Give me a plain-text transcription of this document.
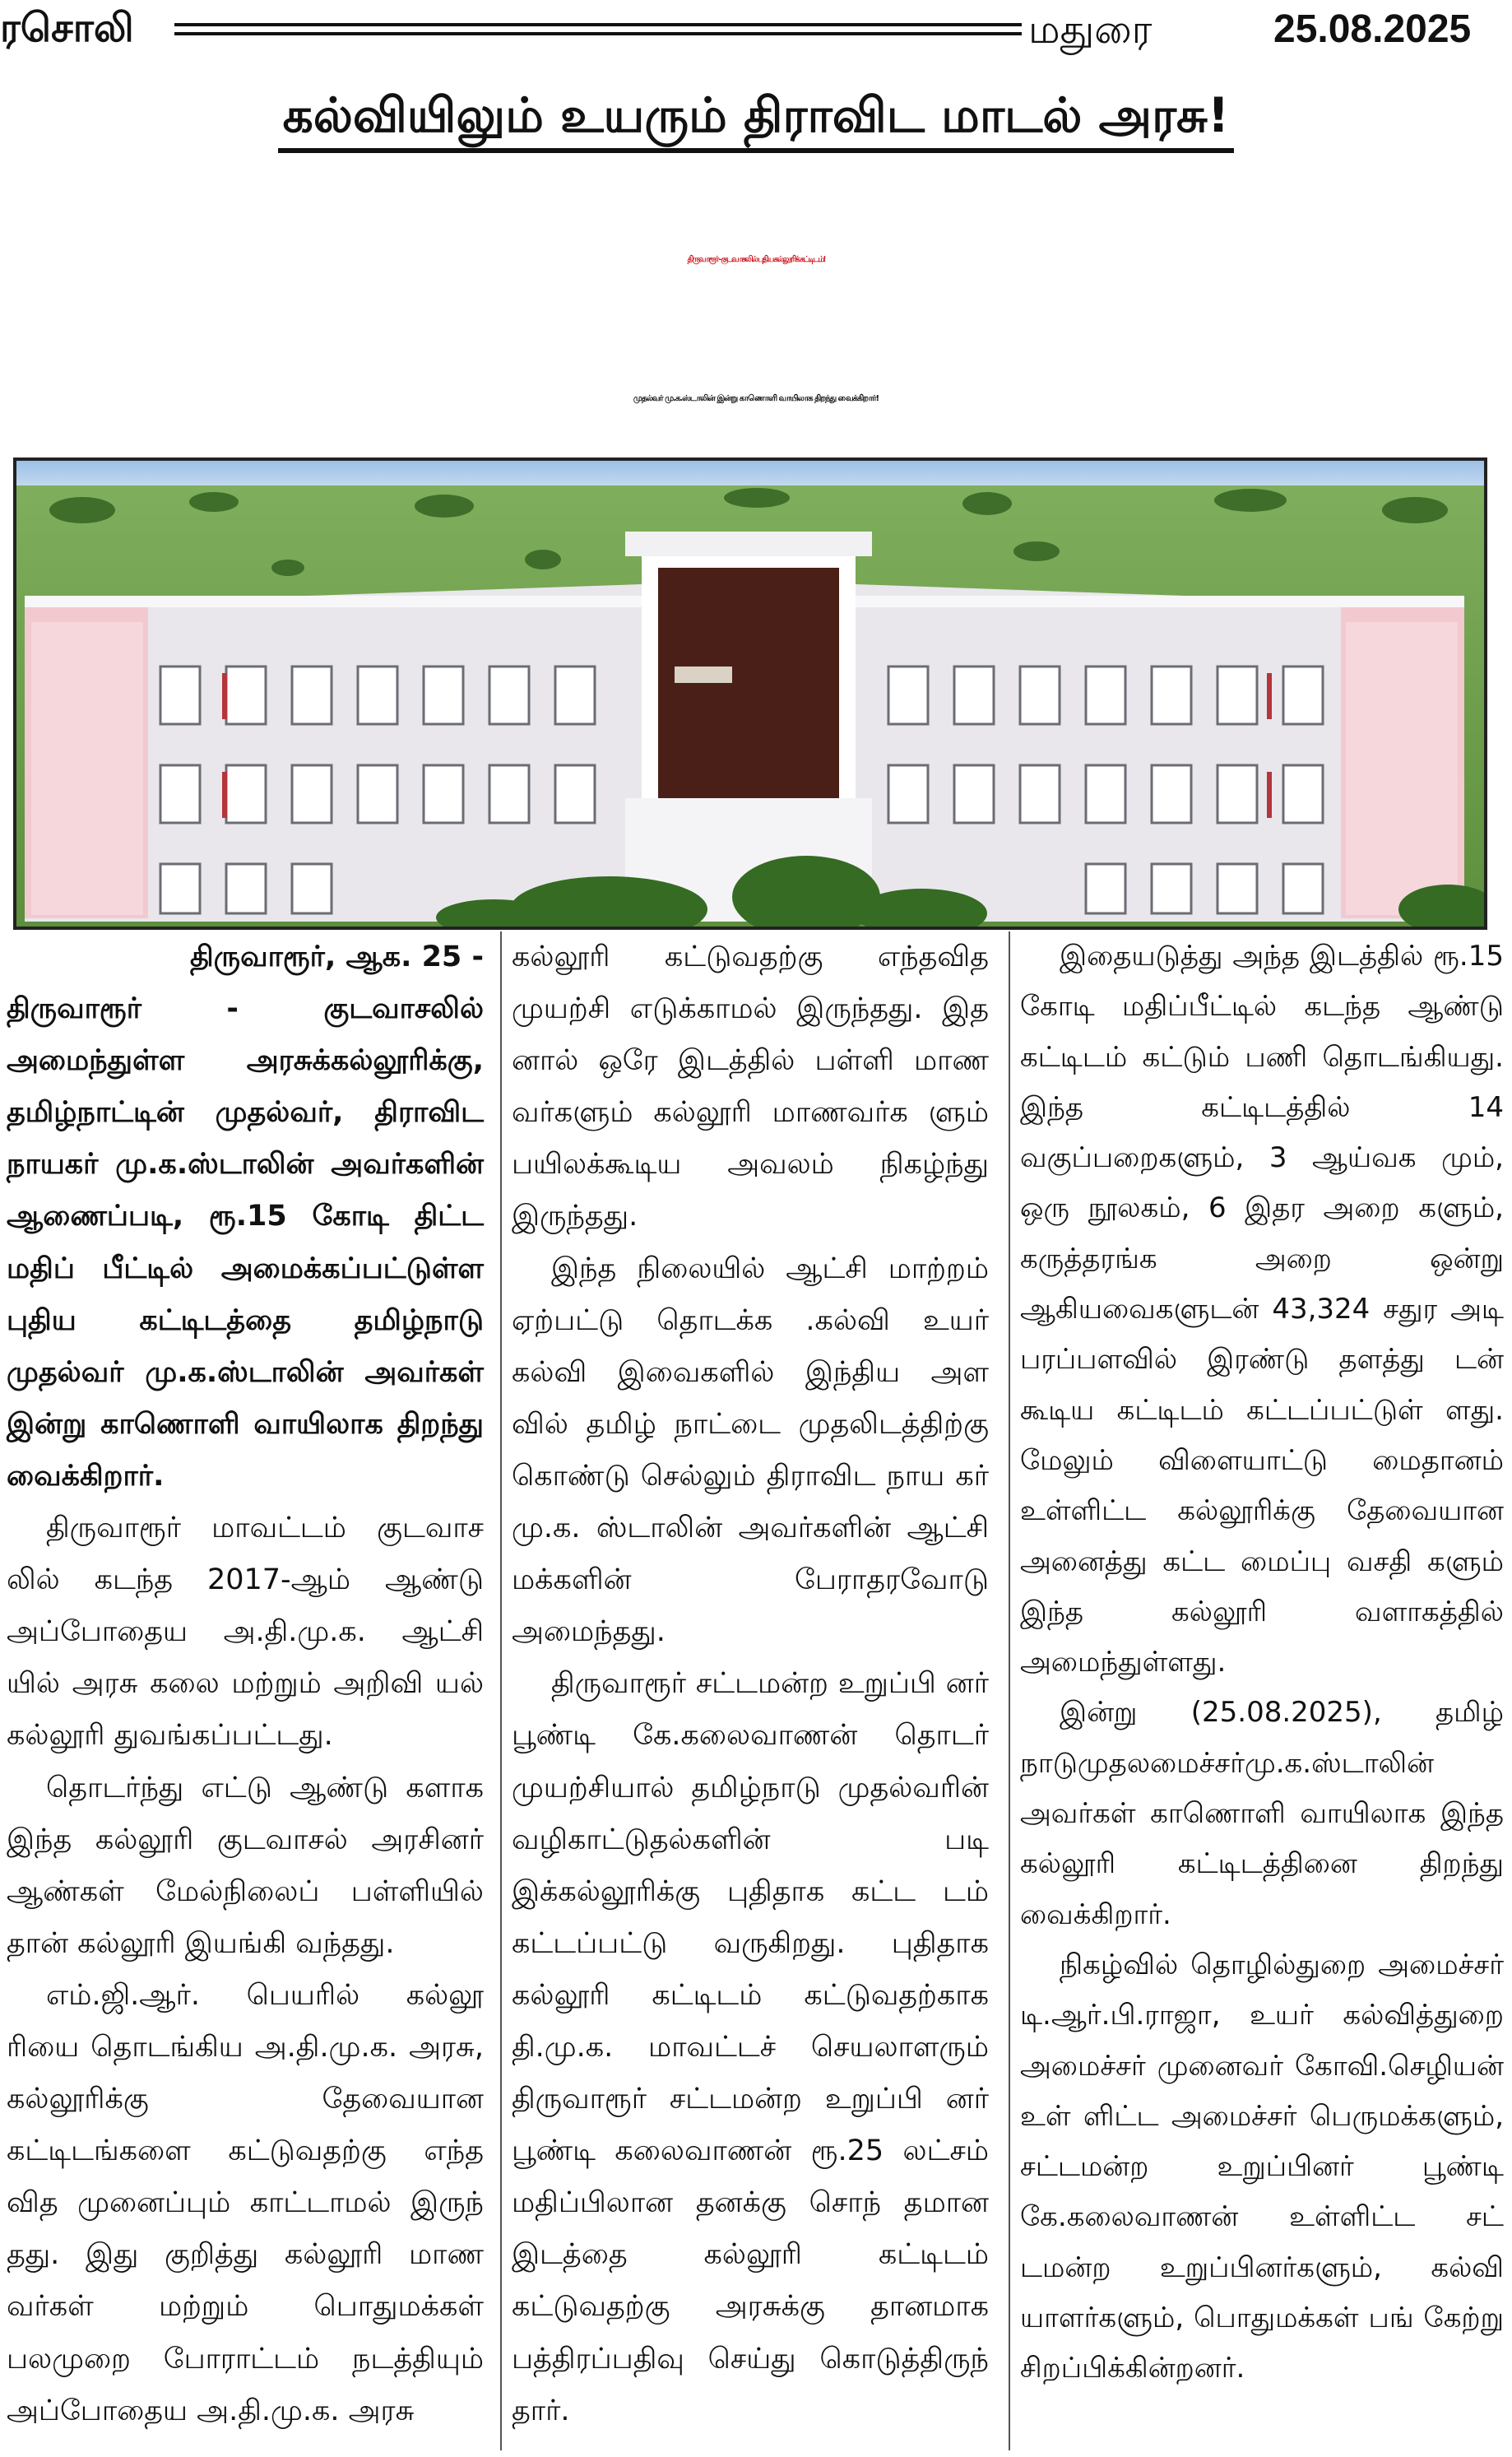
ரசொலி	மதுரை	25.08.2025
கல்வியிலும் உயரும் திராவிட மாடல் அரசு!
திருவாரூர் - குடவாசலில் புதிய கல்லூரிக் கட்டிடம்!
முதல்வர் மு.க.ஸ்டாலின் இன்று காணொளி வாயிலாக திறந்து வைக்கிறார்!

திருவாரூர், ஆக. 25 -

திருவாரூர் - குடவாசலில் அமைந்துள்ள அரசுக்கல்லூரிக்கு, தமிழ்நாட்டின் முதல்வர், திராவிட நாயகர் மு.க.ஸ்டாலின் அவர்களின் ஆணைப்படி, ரூ.15 கோடி திட்ட மதிப் பீட்டில் அமைக்கப்பட்டுள்ள புதிய கட்டிடத்தை தமிழ்நாடு முதல்வர் மு.க.ஸ்டாலின் அவர்கள் இன்று காணொளி வாயிலாக திறந்து வைக்கிறார்.

திருவாரூர் மாவட்டம் குடவாச லில் கடந்த 2017-ஆம் ஆண்டு அப்போதைய அ.தி.மு.க. ஆட்சி யில் அரசு கலை மற்றும் அறிவி யல் கல்லூரி துவங்கப்பட்டது.

தொடர்ந்து எட்டு ஆண்டு களாக இந்த கல்லூரி குடவாசல் அரசினர் ஆண்கள் மேல்நிலைப் பள்ளியில் தான் கல்லூரி இயங்கி வந்தது.

எம்.ஜி.ஆர். பெயரில் கல்லூ ரியை தொடங்கிய அ.தி.மு.க. அரசு, கல்லூரிக்கு தேவையான கட்டிடங்களை கட்டுவதற்கு எந்த வித முனைப்பும் காட்டாமல் இருந் தது. இது குறித்து கல்லூரி மாண வர்கள் மற்றும் பொதுமக்கள் பலமுறை போராட்டம் நடத்தியும் அப்போதைய அ.தி.மு.க. அரசு

கல்லூரி கட்டுவதற்கு எந்தவித முயற்சி எடுக்காமல் இருந்தது. இத னால் ஒரே இடத்தில் பள்ளி மாண வர்களும் கல்லூரி மாணவர்க ளும் பயிலக்கூடிய அவலம் நிகழ்ந்து இருந்தது.

இந்த நிலையில் ஆட்சி மாற்றம் ஏற்பட்டு தொடக்க .கல்வி உயர் கல்வி இவைகளில் இந்திய அள வில் தமிழ் நாட்டை முதலிடத்திற்கு கொண்டு செல்லும் திராவிட நாய கர் மு.க. ஸ்டாலின் அவர்களின் ஆட்சி மக்களின் பேராதரவோடு அமைந்தது.

திருவாரூர் சட்டமன்ற உறுப்பி னர் பூண்டி கே.கலைவாணன் தொடர் முயற்சியால் தமிழ்நாடு முதல்வரின் வழிகாட்டுதல்களின் படி இக்கல்லூரிக்கு புதிதாக கட்ட டம் கட்டப்பட்டு வருகிறது. புதிதாக கல்லூரி கட்டிடம் கட்டுவதற்காக தி.மு.க. மாவட்டச் செயலாளரும் திருவாரூர் சட்டமன்ற உறுப்பி னர் பூண்டி கலைவாணன் ரூ.25 லட்சம் மதிப்பிலான தனக்கு சொந் தமான இடத்தை கல்லூரி கட்டிடம் கட்டுவதற்கு அரசுக்கு தானமாக பத்திரப்பதிவு செய்து கொடுத்திருந் தார்.

இதையடுத்து அந்த இடத்தில் ரூ.15 கோடி மதிப்பீட்டில் கடந்த ஆண்டு கட்டிடம் கட்டும் பணி தொடங்கியது. இந்த கட்டிடத்தில் 14 வகுப்பறைகளும், 3 ஆய்வக மும், ஒரு நூலகம், 6 இதர அறை களும், கருத்தரங்க அறை ஒன்று ஆகியவைகளுடன் 43,324 சதுர அடி பரப்பளவில் இரண்டு தளத்து டன் கூடிய கட்டிடம் கட்டப்பட்டுள் ளது. மேலும் விளையாட்டு மைதானம் உள்ளிட்ட கல்லூரிக்கு தேவையான அனைத்து கட்ட மைப்பு வசதி களும் இந்த கல்லூரி வளாகத்தில் அமைந்துள்ளது.

இன்று (25.08.2025), தமிழ் நாடுமுதலமைச்சர்மு.க.ஸ்டாலின் அவர்கள் காணொளி வாயிலாக இந்த கல்லூரி கட்டிடத்தினை திறந்து வைக்கிறார்.

நிகழ்வில் தொழில்துறை அமைச்சர் டி.ஆர்.பி.ராஜா, உயர் கல்வித்துறை அமைச்சர் முனைவர் கோவி.செழியன் உள் ளிட்ட அமைச்சர் பெருமக்களும், சட்டமன்ற உறுப்பினர் பூண்டி கே.கலைவாணன் உள்ளிட்ட சட் டமன்ற உறுப்பினர்களும், கல்வி யாளர்களும், பொதுமக்கள் பங் கேற்று சிறப்பிக்கின்றனர்.
